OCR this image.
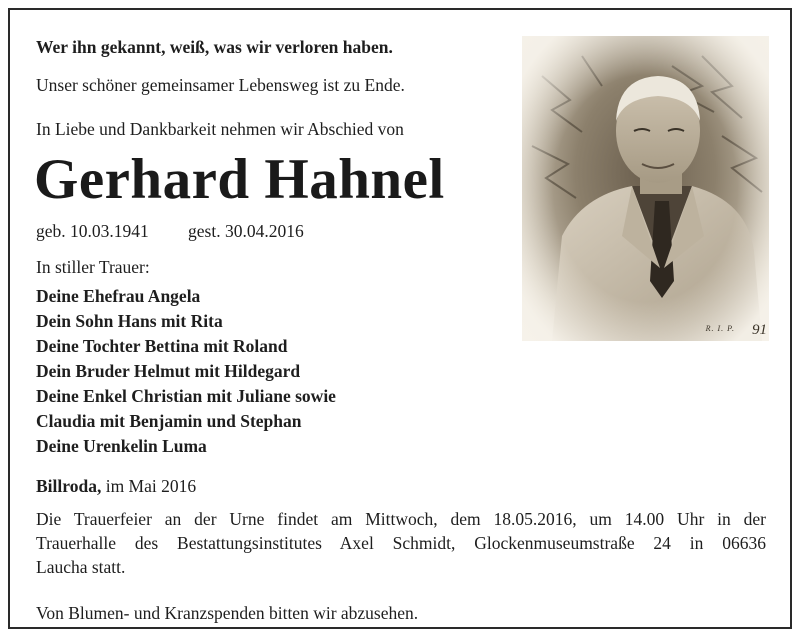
Wer ihn gekannt, weiß, was wir verloren haben.
Unser schöner gemeinsamer Lebensweg ist zu Ende.
In Liebe und Dankbarkeit nehmen wir Abschied von
Gerhard Hahnel
geb. 10.03.1941 gest. 30.04.2016
In stiller Trauer:
Deine Ehefrau Angela
Dein Sohn Hans mit Rita
Deine Tochter Bettina mit Roland
Dein Bruder Helmut mit Hildegard
Deine Enkel Christian mit Juliane sowie
Claudia mit Benjamin und Stephan
Deine Urenkelin Luma
Billroda, im Mai 2016
Die Trauerfeier an der Urne findet am Mittwoch, dem 18.05.2016, um 14.00 Uhr in der
Trauerhalle des Bestattungsinstitutes Axel Schmidt, Glockenmuseumstraße 24 in 06636
Laucha statt.
Von Blumen- und Kranzspenden bitten wir abzusehen.
R. I. P. 91
